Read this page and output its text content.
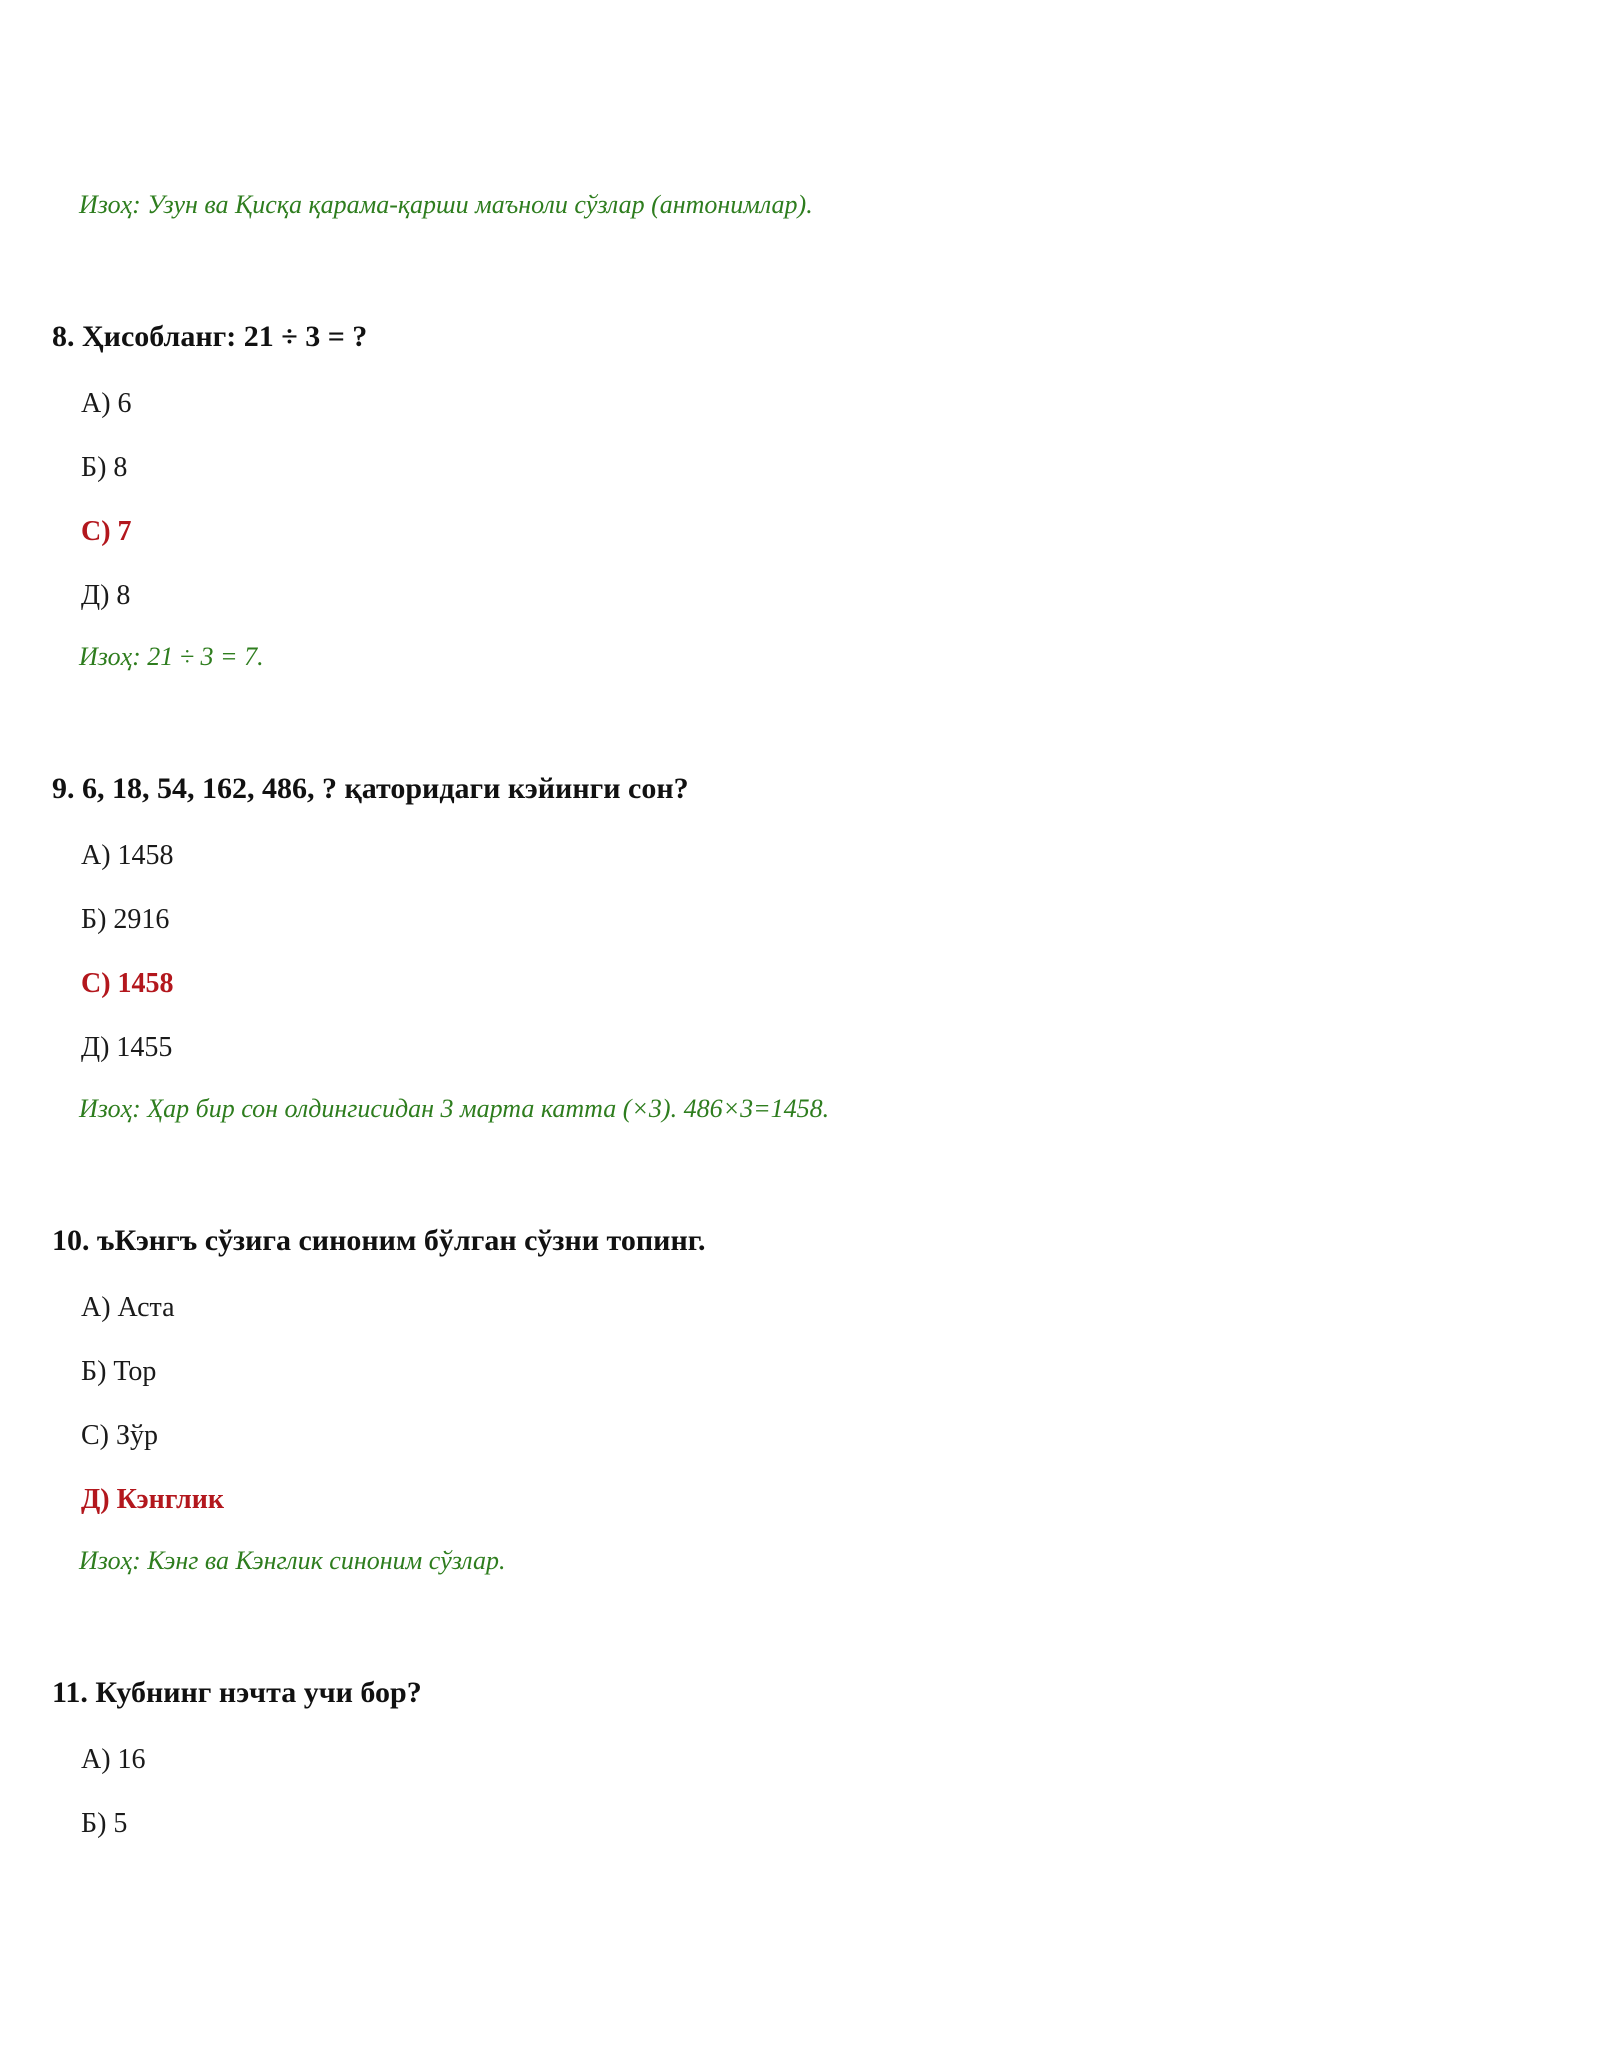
Изоҳ: Узун ва Қисқа қарама-қарши маъноли сўзлар (антонимлар).
8. Ҳисобланг: 21 ÷ 3 = ?
А) 6
Б) 8
С) 7
Д) 8
Изоҳ: 21 ÷ 3 = 7.
9. 6, 18, 54, 162, 486, ? қаторидаги кэйинги сон?
А) 1458
Б) 2916
С) 1458
Д) 1455
Изоҳ: Ҳар бир сон олдингисидан 3 марта катта (×3). 486×3=1458.
10. ъКэнгъ сўзига синоним бўлган сўзни топинг.
А) Аста
Б) Тор
С) Зўр
Д) Кэнглик
Изоҳ: Кэнг ва Кэнглик синоним сўзлар.
11. Кубнинг нэчта учи бор?
А) 16
Б) 5
